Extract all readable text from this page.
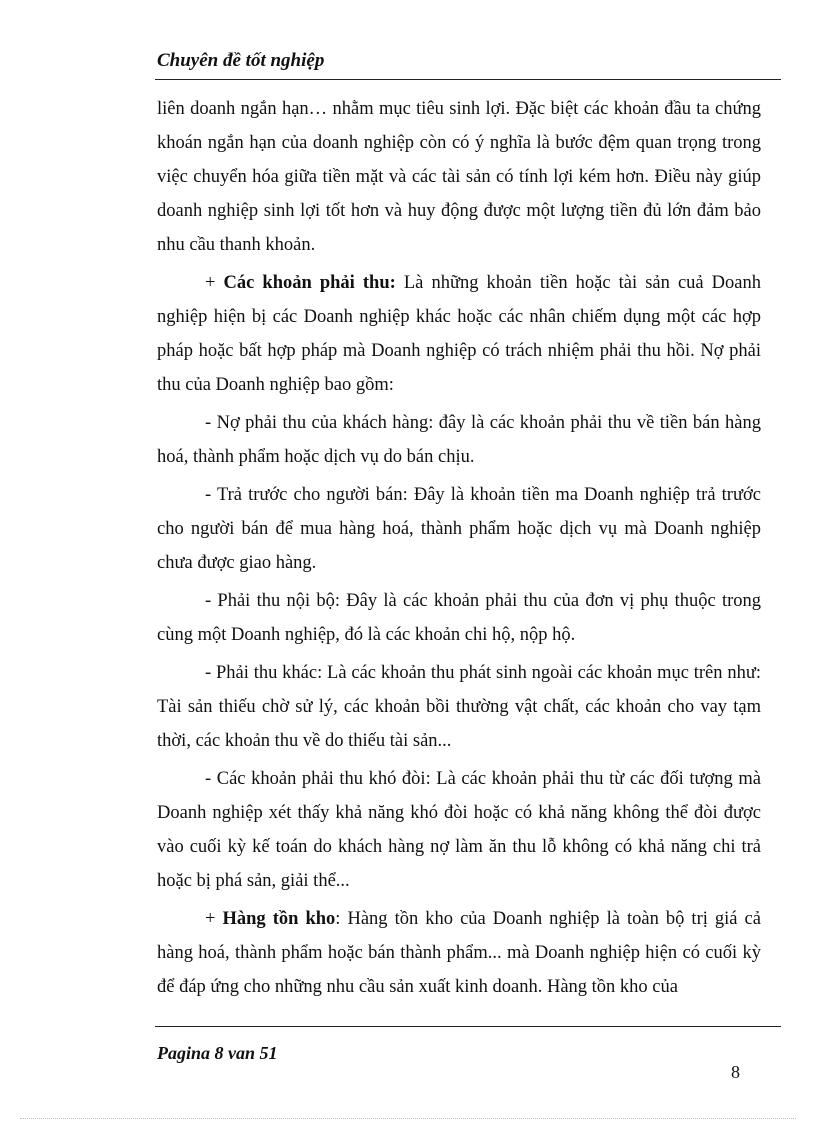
Chuyên đề tốt nghiệp

liên doanh ngắn hạn… nhằm mục tiêu sinh lợi. Đặc biệt các khoản đầu ta chứng khoán ngắn hạn của doanh nghiệp còn có ý nghĩa là bước đệm quan trọng trong việc chuyển hóa giữa tiền mặt và các tài sản có tính lợi kém hơn. Điều này giúp doanh nghiệp sinh lợi tốt hơn và huy động được một lượng tiền đủ lớn đảm bảo nhu cầu thanh khoản.

+ Các khoản phải thu: Là những khoản tiền hoặc tài sản cuả Doanh nghiệp hiện bị các Doanh nghiệp khác hoặc các nhân chiếm dụng một các hợp pháp hoặc bất hợp pháp mà Doanh nghiệp có trách nhiệm phải thu hồi. Nợ phải thu của Doanh nghiệp bao gồm:

- Nợ phải thu của khách hàng: đây là các khoản phải thu về tiền bán hàng hoá, thành phẩm hoặc dịch vụ do bán chịu.

- Trả trước cho người bán: Đây là khoản tiền ma Doanh nghiệp trả trước cho người bán để mua hàng hoá, thành phẩm hoặc dịch vụ mà Doanh nghiệp chưa được giao hàng.

- Phải thu nội bộ: Đây là các khoản phải thu của đơn vị phụ thuộc trong cùng một Doanh nghiệp, đó là các khoản chi hộ, nộp hộ.

- Phải thu khác: Là các khoản thu phát sinh ngoài các khoản mục trên như: Tài sản thiếu chờ sử lý, các khoản bồi thường vật chất, các khoản cho vay tạm thời, các khoản thu về do thiếu tài sản...

- Các khoản phải thu khó đòi: Là các khoản phải thu từ các đối tượng mà Doanh nghiệp xét thấy khả năng khó đòi hoặc có khả năng không thể đòi được vào cuối kỳ kế toán do khách hàng nợ làm ăn thu lỗ không có khả năng chi trả hoặc bị phá sản, giải thể...

+ Hàng tồn kho: Hàng tồn kho của Doanh nghiệp là toàn bộ trị giá cả hàng hoá, thành phẩm hoặc bán thành phẩm... mà Doanh nghiệp hiện có cuối kỳ để đáp ứng cho những nhu cầu sản xuất kinh doanh. Hàng tồn kho của

Pagina 8 van 51
8
